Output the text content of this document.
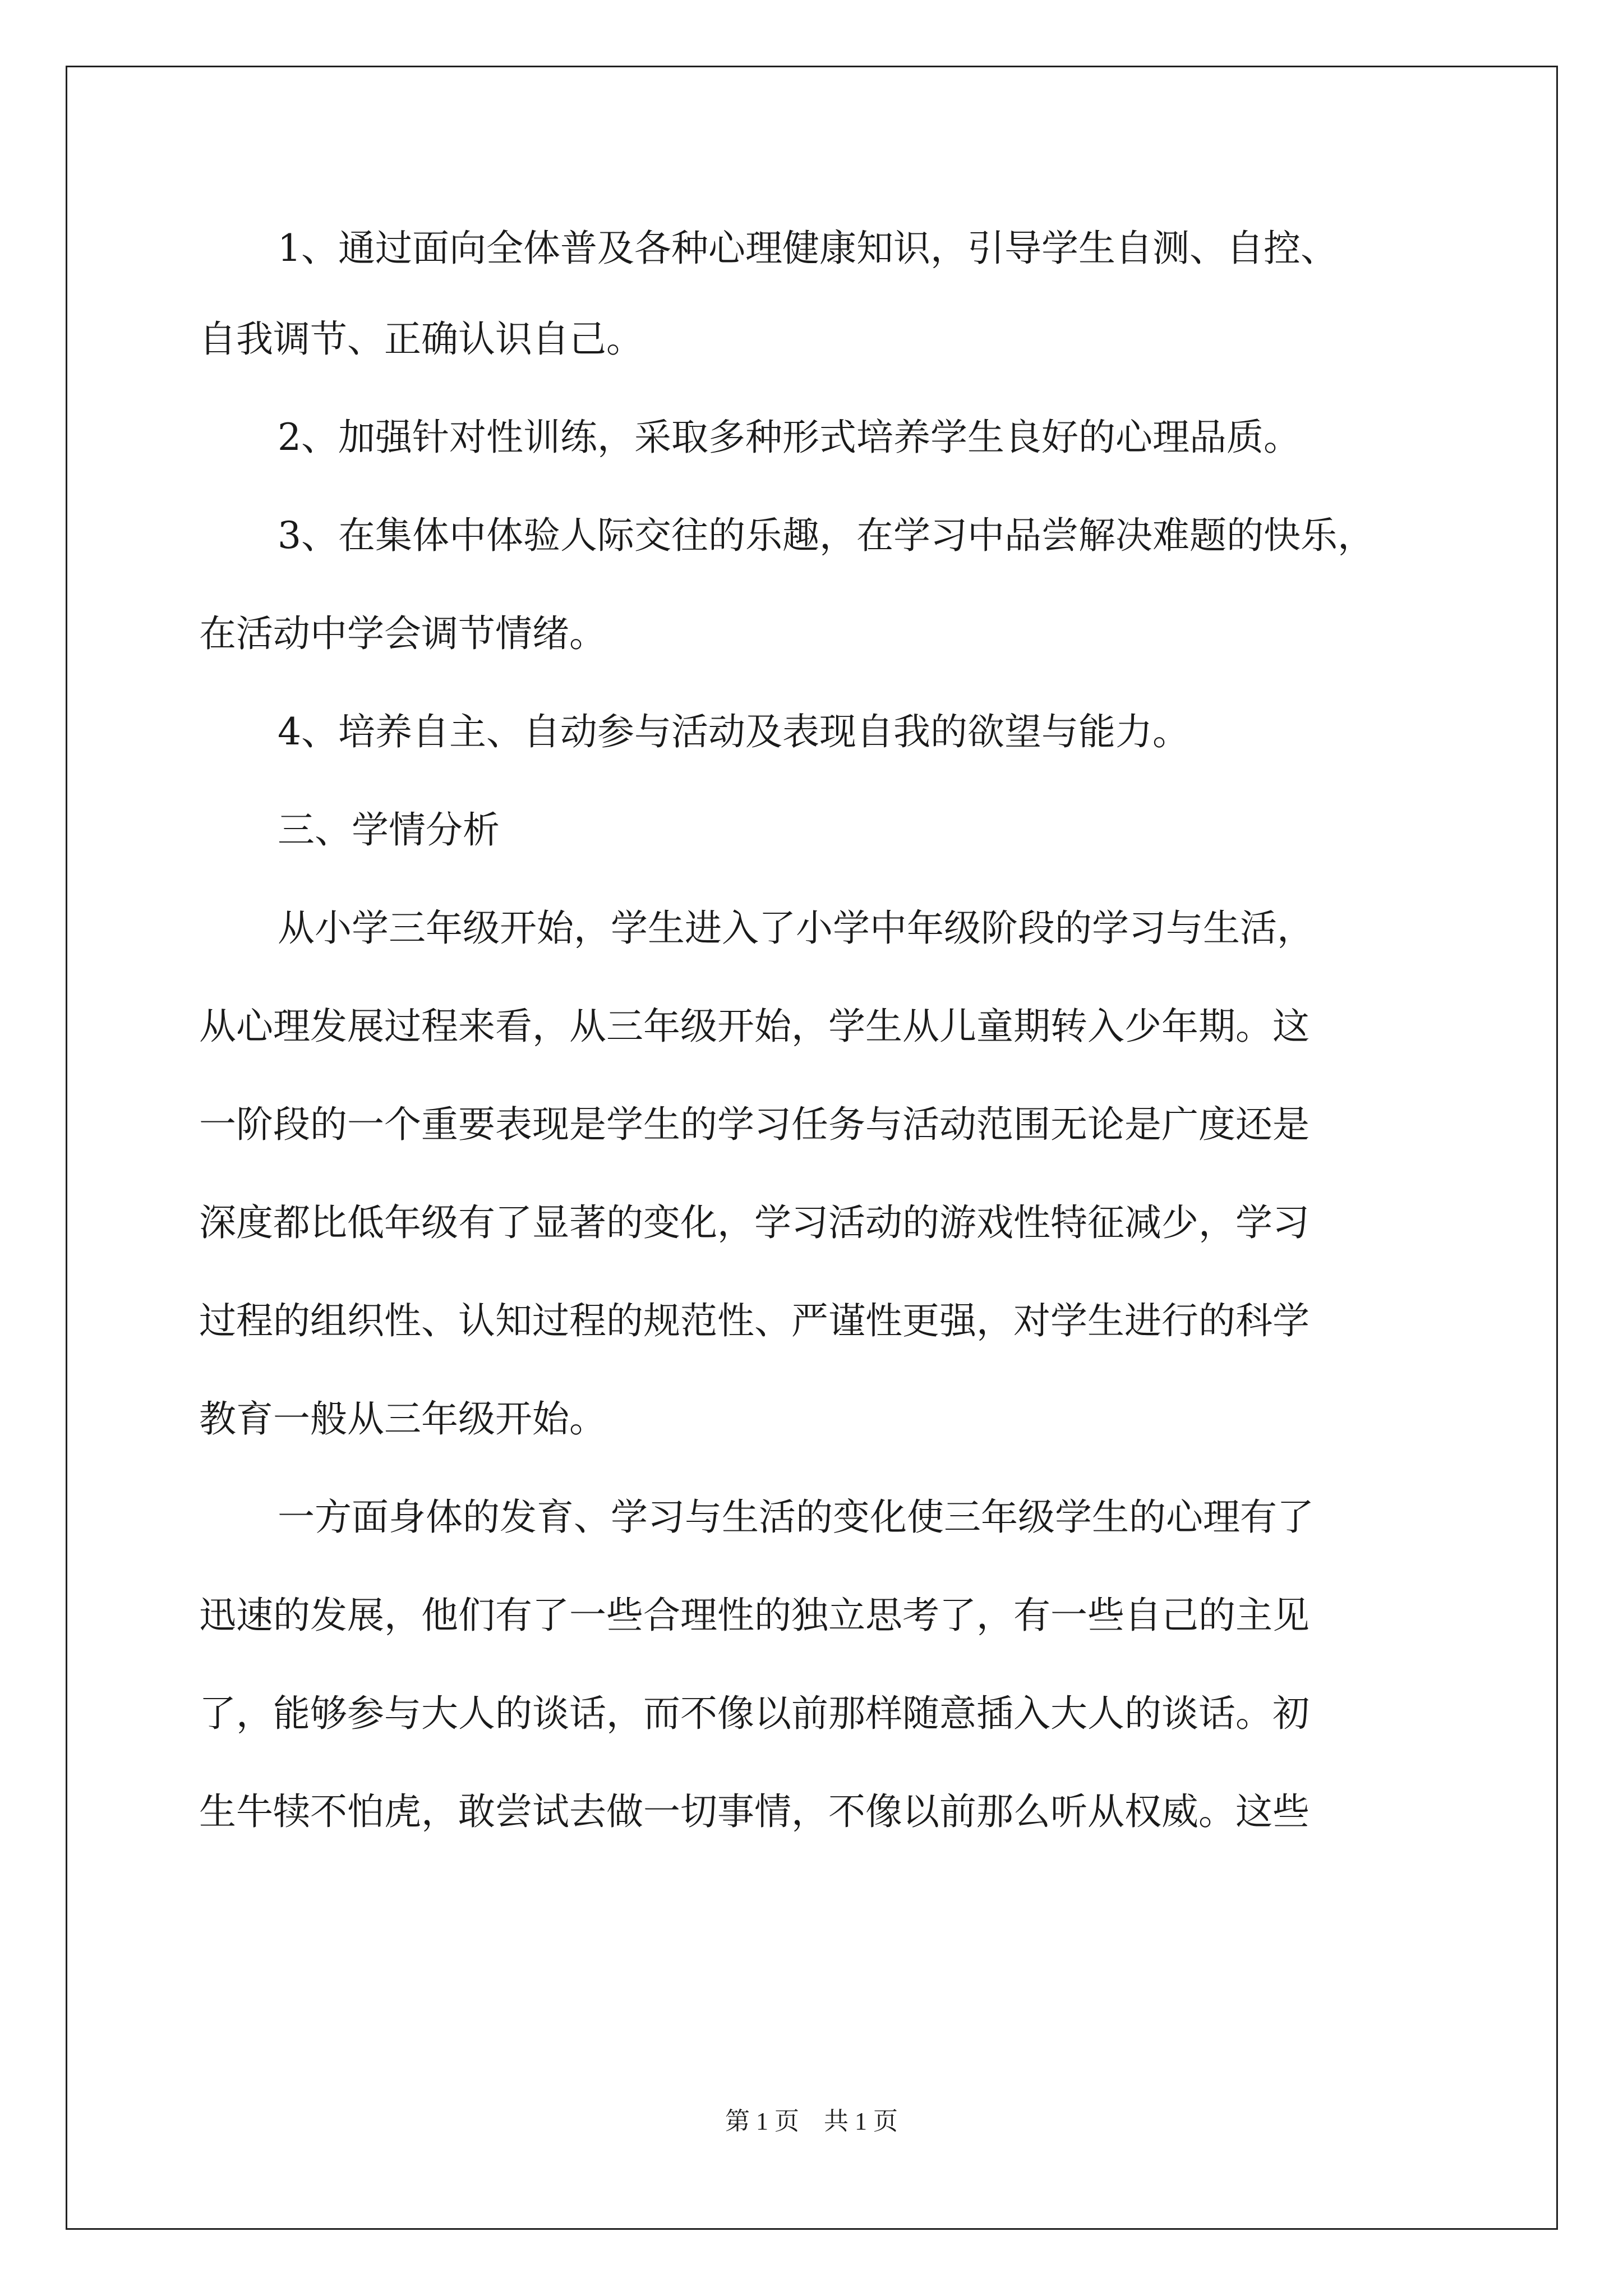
1、通过面向全体普及各种心理健康知识，引导学生自测、自控、
自我调节、正确认识自己。
2、加强针对性训练，采取多种形式培养学生良好的心理品质。
3、在集体中体验人际交往的乐趣，在学习中品尝解决难题的快乐，
在活动中学会调节情绪。
4、培养自主、自动参与活动及表现自我的欲望与能力。
三、学情分析
从小学三年级开始，学生进入了小学中年级阶段的学习与生活，
从心理发展过程来看，从三年级开始，学生从儿童期转入少年期。这
一阶段的一个重要表现是学生的学习任务与活动范围无论是广度还是
深度都比低年级有了显著的变化，学习活动的游戏性特征减少，学习
过程的组织性、认知过程的规范性、严谨性更强，对学生进行的科学
教育一般从三年级开始。
一方面身体的发育、学习与生活的变化使三年级学生的心理有了
迅速的发展，他们有了一些合理性的独立思考了，有一些自己的主见
了，能够参与大人的谈话，而不像以前那样随意插入大人的谈话。初
生牛犊不怕虎，敢尝试去做一切事情，不像以前那么听从权威。这些
第 1 页　共 1 页
